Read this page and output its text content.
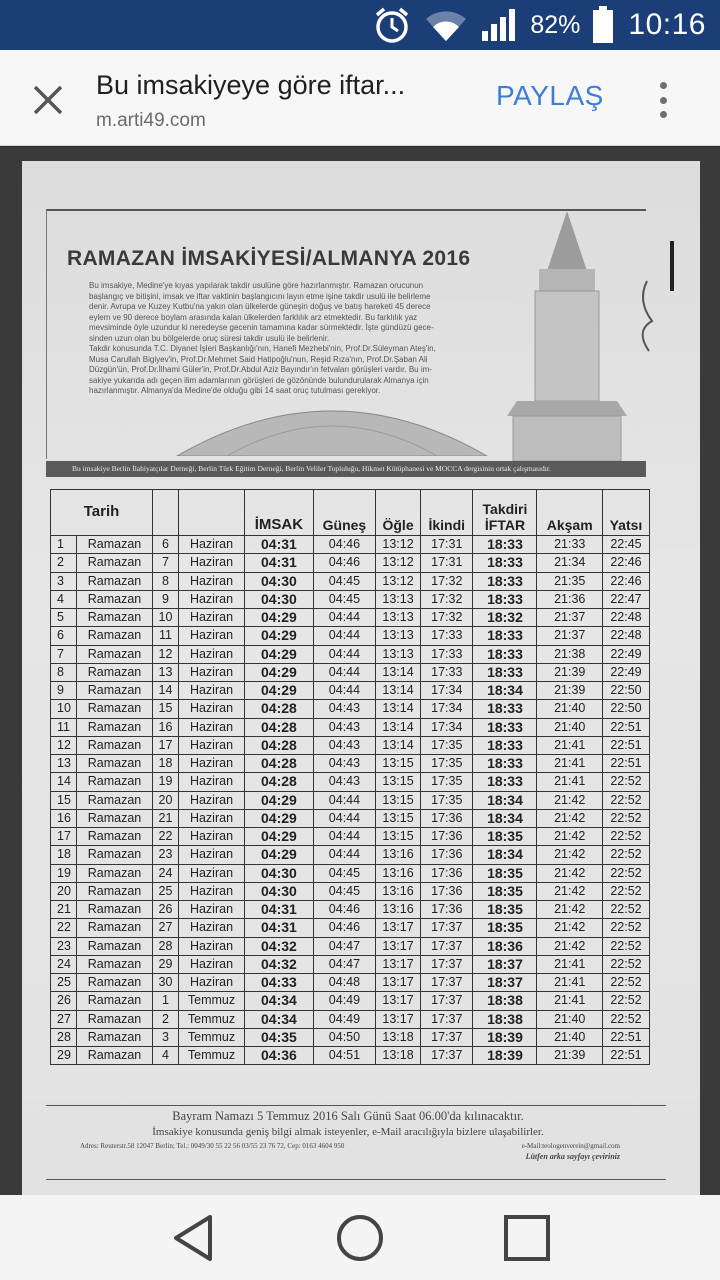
82% 10:16
Bu imsakiyeye göre iftar...
m.arti49.com
PAYLAŞ
RAMAZAN İMSAKİYESİ/ALMANYA 2016

Bu imsakiye, Medine'ye kıyas yapılarak takdir usulüne göre hazırlanmıştır. Ramazan orucunun

başlangıç ve bitişini, imsak ve iftar vaktinin başlangıcını layın etme işine takdir usulü ile belirleme

denir. Avrupa ve Kuzey Kutbu'na yakın olan ülkelerde güneşin doğuş ve batış hareketi 45 derece

eylem ve 90 derece boylam arasında kalan ülkelerden farklılık arz etmektedir. Bu farklılık yaz

mevsiminde öyle uzundur ki neredeyse gecenin tamamına kadar sürmektedir. İşte gündüzü gece-

sinden uzun olan bu bölgelerde oruç süresi takdir usulü ile belirlenir.

Takdir konusunda T.C. Diyanet İşleri Başkanlığı'nın, Hanefi Mezhebi'nin, Prof.Dr.Süleyman Ateş'in,

Musa Carullah Bigiyev'in, Prof.Dr.Mehmet Said Hatipoğlu'nun, Reşid Rıza'nın, Prof.Dr.Şaban Ali

Düzgün'ün, Prof.Dr.İlhami Güler'in, Prof.Dr.Abdul Aziz Bayındır'ın fetvaları görüşleri vardır. Bu im-

sakiye yukarıda adı geçen ilim adamlarının görüşleri de gözönünde bulundurularak Almanya için

hazırlanmıştır. Almanya'da Medine'de olduğu gibi 14 saat oruç tutulması gerekiyor.

Bu imsakiye Berlin İlahiyatçılar Derneği, Berlin Türk Eğitim Derneği, Berlin Veliler Topluluğu, Hikmet Kütüphanesi ve MOCCA dergisinin ortak çalışmasıdır.
Tarih				İMSAK	Güneş	Öğle	İkindi	Takdiri
İFTAR	Akşam	Yatsı
1	Ramazan	6	Haziran	04:31	04:46	13:12	17:31	18:33	21:33	22:45
2	Ramazan	7	Haziran	04:31	04:46	13:12	17:31	18:33	21:34	22:46
3	Ramazan	8	Haziran	04:30	04:45	13:12	17:32	18:33	21:35	22:46
4	Ramazan	9	Haziran	04:30	04:45	13:13	17:32	18:33	21:36	22:47
5	Ramazan	10	Haziran	04:29	04:44	13:13	17:32	18:32	21:37	22:48
6	Ramazan	11	Haziran	04:29	04:44	13:13	17:33	18:33	21:37	22:48
7	Ramazan	12	Haziran	04:29	04:44	13:13	17:33	18:33	21:38	22:49
8	Ramazan	13	Haziran	04:29	04:44	13:14	17:33	18:33	21:39	22:49
9	Ramazan	14	Haziran	04:29	04:44	13:14	17:34	18:34	21:39	22:50
10	Ramazan	15	Haziran	04:28	04:43	13:14	17:34	18:33	21:40	22:50
11	Ramazan	16	Haziran	04:28	04:43	13:14	17:34	18:33	21:40	22:51
12	Ramazan	17	Haziran	04:28	04:43	13:14	17:35	18:33	21:41	22:51
13	Ramazan	18	Haziran	04:28	04:43	13:15	17:35	18:33	21:41	22:51
14	Ramazan	19	Haziran	04:28	04:43	13:15	17:35	18:33	21:41	22:52
15	Ramazan	20	Haziran	04:29	04:44	13:15	17:35	18:34	21:42	22:52
16	Ramazan	21	Haziran	04:29	04:44	13:15	17:36	18:34	21:42	22:52
17	Ramazan	22	Haziran	04:29	04:44	13:15	17:36	18:35	21:42	22:52
18	Ramazan	23	Haziran	04:29	04:44	13:16	17:36	18:34	21:42	22:52
19	Ramazan	24	Haziran	04:30	04:45	13:16	17:36	18:35	21:42	22:52
20	Ramazan	25	Haziran	04:30	04:45	13:16	17:36	18:35	21:42	22:52
21	Ramazan	26	Haziran	04:31	04:46	13:16	17:36	18:35	21:42	22:52
22	Ramazan	27	Haziran	04:31	04:46	13:17	17:37	18:35	21:42	22:52
23	Ramazan	28	Haziran	04:32	04:47	13:17	17:37	18:36	21:42	22:52
24	Ramazan	29	Haziran	04:32	04:47	13:17	17:37	18:37	21:41	22:52
25	Ramazan	30	Haziran	04:33	04:48	13:17	17:37	18:37	21:41	22:52
26	Ramazan	1	Temmuz	04:34	04:49	13:17	17:37	18:38	21:41	22:52
27	Ramazan	2	Temmuz	04:34	04:49	13:17	17:37	18:38	21:40	22:52
28	Ramazan	3	Temmuz	04:35	04:50	13:18	17:37	18:39	21:40	22:51
29	Ramazan	4	Temmuz	04:36	04:51	13:18	17:37	18:39	21:39	22:51
Bayram Namazı 5 Temmuz 2016 Salı Günü Saat 06.00'da kılınacaktır.
İmsakiye konusunda geniş bilgi almak isteyenler, e-Mail aracılığıyla bizlere ulaşabilirler.
Adres: Reuterstr.58 12047 Berlin; Tel.: 0049/30 55 22 56 03/55 23 76 72, Cep: 0163 4604 950	e-Mail:teologenverein@gmail.com
Lütfen arka sayfayı çeviriniz
